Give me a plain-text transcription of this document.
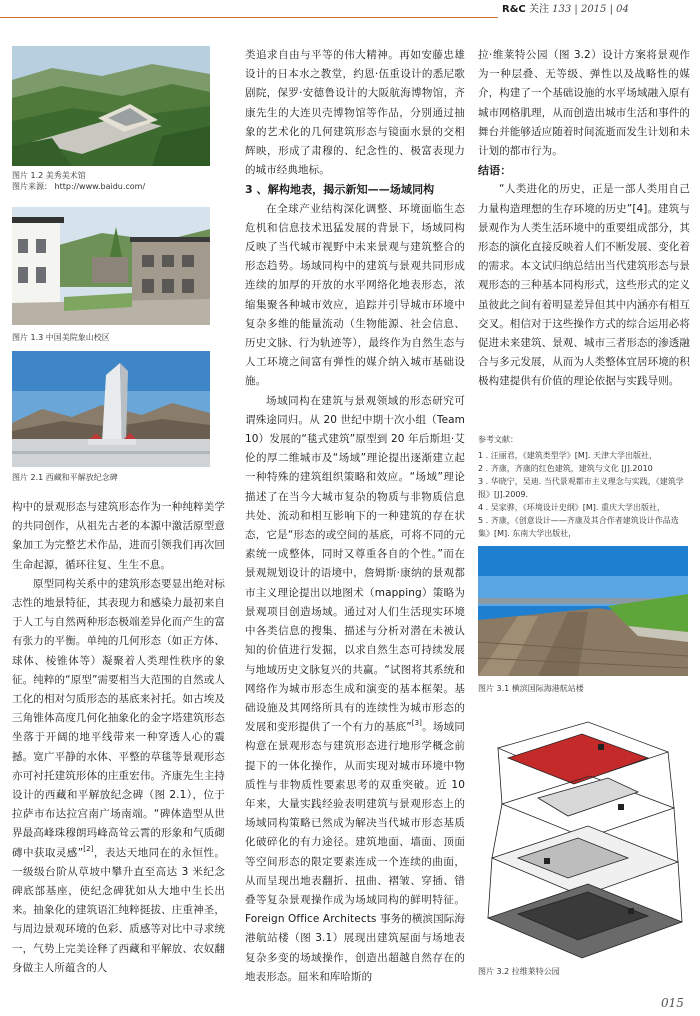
R&C 关注 133 | 2015 | 04
图片 1.2 美秀美术馆
图片来源： http://www.baidu.com/
图片 1.3 中国美院象山校区
图片 2.1 西藏和平解放纪念碑

构中的景观形态与建筑形态作为一种纯粹美学的共同创作，从祖先古老的本源中激活原型意象加工为完整艺术作品，进而引领我们再次回生命起源，循环往复、生生不息。

原型同构关系中的建筑形态要显出绝对标志性的地景特征，其表现力和感染力最初来自于人工与自然两种形态极端差异化而产生的富有张力的平衡。单纯的几何形态（如正方体、球体、棱锥体等）凝聚着人类理性秩序的象征。纯粹的“原型”需要相当大范围的自然或人工化的相对匀质形态的基底来衬托。如古埃及三角锥体高度几何化抽象化的金字塔建筑形态坐落于开阔的地平线带来一种穿透人心的震撼。宽广平静的水体、平整的草毯等景观形态亦可衬托建筑形体的庄重宏伟。齐康先生主持设计的西藏和平解放纪念碑（图 2.1），位于拉萨市布达拉宫南广场南端。“碑体造型从世界最高峰珠穆朗玛峰高耸云霄的形象和气质砌磚中获取灵感”[2]，表达天地同在的永恒性。一级级台阶从草坡中攀升直至高达 3 米纪念碑底部基座，使纪念碑犹如从大地中生长出来。抽象化的建筑语汇纯粹挺拔、庄重神圣，与周边景观环境的色彩、质感等对比中寻求统一，气势上完美诠释了西藏和平解放、农奴翻身做主人所蕴含的人

类追求自由与平等的伟大精神。再如安藤忠雄设计的日本水之教堂，约恩·伍重设计的悉尼歌剧院，保罗·安德鲁设计的大阪航海博物馆，齐康先生的大连贝壳博物馆等作品，分别通过抽象的艺术化的几何建筑形态与镜面水景的交相辉映，形成了肃穆的、纪念性的、极富表现力的城市经典地标。

3 、解构地表，揭示新知——场域同构

在全球产业结构深化调整、环境面临生态危机和信息技术迅猛发展的背景下，场域同构反映了当代城市视野中未来景观与建筑整合的形态趋势。场域同构中的建筑与景观共同形成连续的加厚的开放的水平网络化地表形态，浓缩集聚各种城市效应，追踪并引导城市环境中复杂多维的能量流动（生物能源、社会信息、历史文脉、行为轨迹等），最终作为自然生态与人工环境之间富有弹性的媒介纳入城市基础设施。

场域同构在建筑与景观领域的形态研究可谓殊途同归。从 20 世纪中期十次小组（Team 10）发展的“毯式建筑”原型到 20 年后斯坦·艾伦的厚二维城市及“场域”理论提出逐渐建立起一种特殊的建筑组织策略和效应。“场域”理论描述了在当今大城市复杂的物质与非物质信息共处、流动和相互影响下的一种建筑的存在状态，它是“形态的或空间的基底，可将不同的元素统一成整体，同时又尊重各自的个性。”而在景观规划设计的语境中，詹姆斯·康纳的景观都市主义理论提出以地图术（mapping）策略为景观项目创造场域。通过对人们生活现实环境中各类信息的搜集、描述与分析对潜在未被认知的价值进行发掘，以求自然生态可持续发展与地域历史文脉复兴的共赢。“试图将其系统和网络作为城市形态生成和演变的基本框架。基础设施及其网络所具有的连续性为城市形态的发展和变形提供了一个有力的基底”[3]。场域同构意在景观形态与建筑形态进行地形学概念前提下的一体化操作，从而实现对城市环境中物质性与非物质性要素思考的双重突破。近 10 年来，大量实践经验表明建筑与景观形态上的场域同构策略已然成为解决当代城市形态基质化破碎化的有力途径。建筑地面、墙面、顶面等空间形态的限定要素连成一个连续的曲面，从而呈现出地表翻折、扭曲、褶皱、穿插、错叠等复杂景观操作成为场域同构的鲜明特征。Foreign Office Architects 事务的横滨国际海港航站楼（图 3.1）展现出建筑屋面与场地表复杂多变的场域操作，创造出超越自然存在的地表形态。屈米和库哈斯的

拉·维莱特公园（图 3.2）设计方案将景观作为一种层叠、无等级、弹性以及战略性的媒介，构建了一个基础设施的水平场域融入原有城市网格肌理，从而创造出城市生活和事件的舞台并能够适应随着时间流逝而发生计划和未计划的都市行为。

结语：

“人类进化的历史，正是一部人类用自己力量构造理想的生存环境的历史”[4]。建筑与景观作为人类生活环境中的重要组成部分，其形态的演化直接反映着人们不断发展、变化着的需求。本文试归纳总结出当代建筑形态与景观形态的三种基本同构形式，这些形式的定义虽彼此之间有着明显差异但其中内涵亦有相互交叉。相信对于这些操作方式的综合运用必将促进未来建筑、景观、城市三者形态的渗透融合与多元发展，从而为人类整体宜居环境的积极构建提供有价值的理论依据与实践导则。

参考文献：
1 . 汪丽君，《建筑类型学》[M]. 天津大学出版社，
2 . 齐康，齐康的红色建筑，建筑与文化 [J].2010
3 . 华晓宁，吴迪. 当代景观都市主义理念与实践，《建筑学报》[J].2009.
4 . 吴家骅，《环境设计史纲》[M]. 重庆大学出版社，
5 . 齐康，《创意设计——齐康及其合作者建筑设计作品选集》[M]. 东南大学出版社，
图片 3.1 横滨国际海港航站楼
图片 3.2 拉维莱特公园
015
